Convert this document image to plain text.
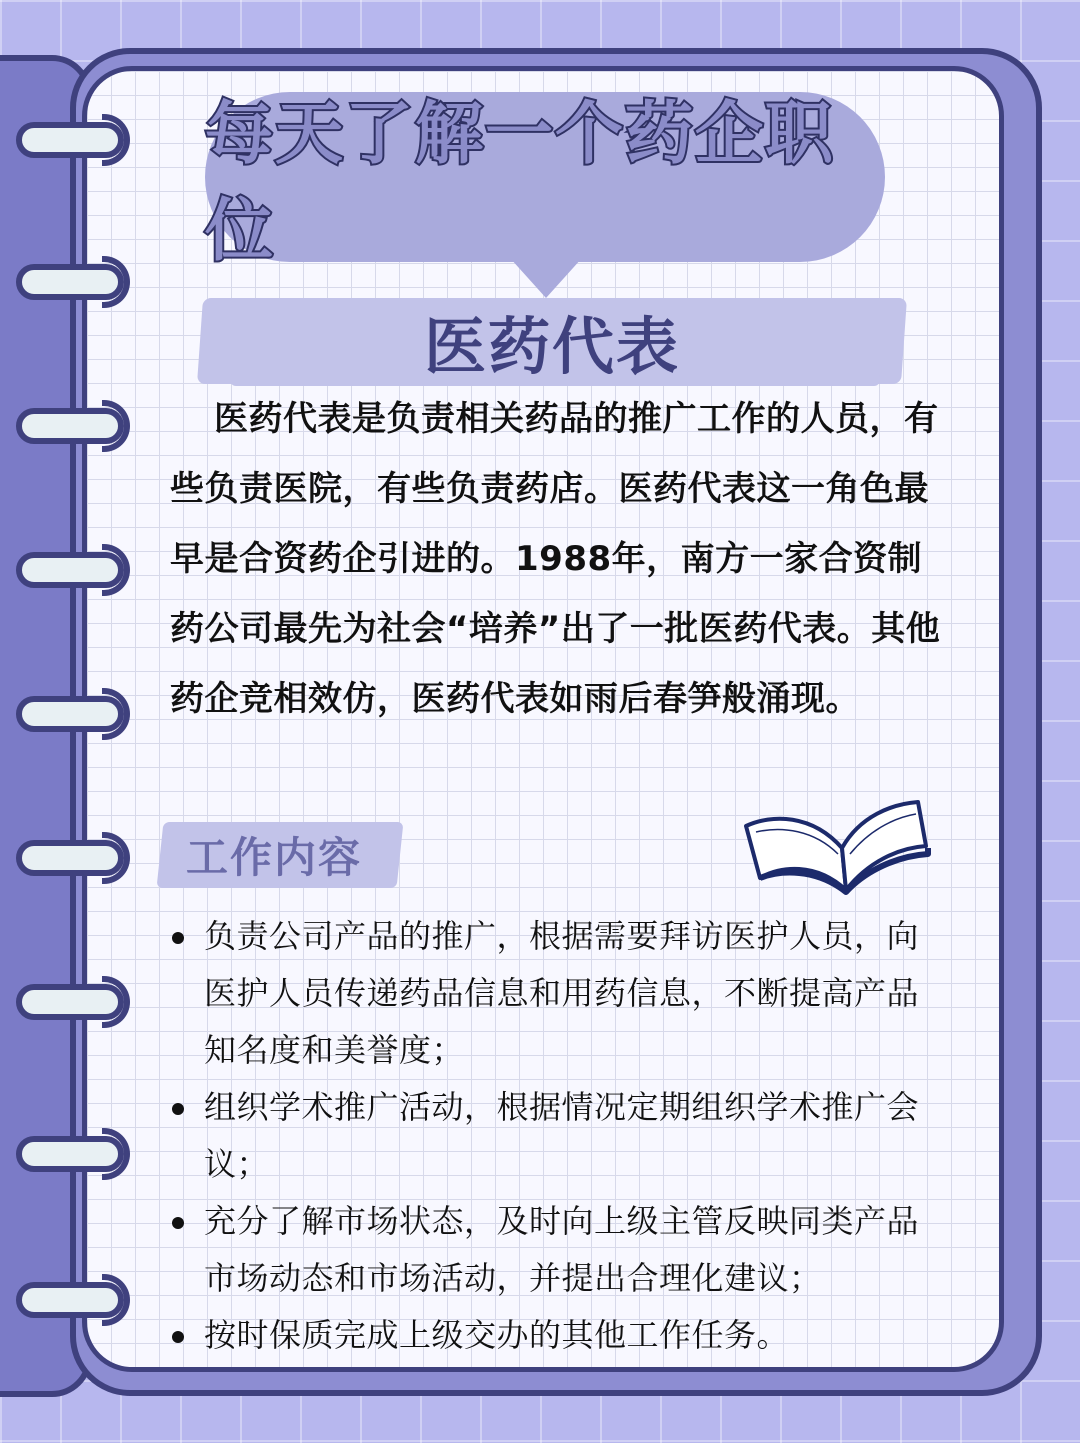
每天了解一个药企职位
医药代表

医药代表是负责相关药品的推广工作的人员，有些负责医院，有些负责药店。医药代表这一角色最早是合资药企引进的。1988年，南方一家合资制药公司最先为社会“培养”出了一批医药代表。其他药企竞相效仿，医药代表如雨后春笋般涌现。

工作内容
负责公司产品的推广，根据需要拜访医护人员，向医护人员传递药品信息和用药信息，不断提高产品知名度和美誉度；
组织学术推广活动，根据情况定期组织学术推广会议；
充分了解市场状态，及时向上级主管反映同类产品市场动态和市场活动，并提出合理化建议；
按时保质完成上级交办的其他工作任务。
